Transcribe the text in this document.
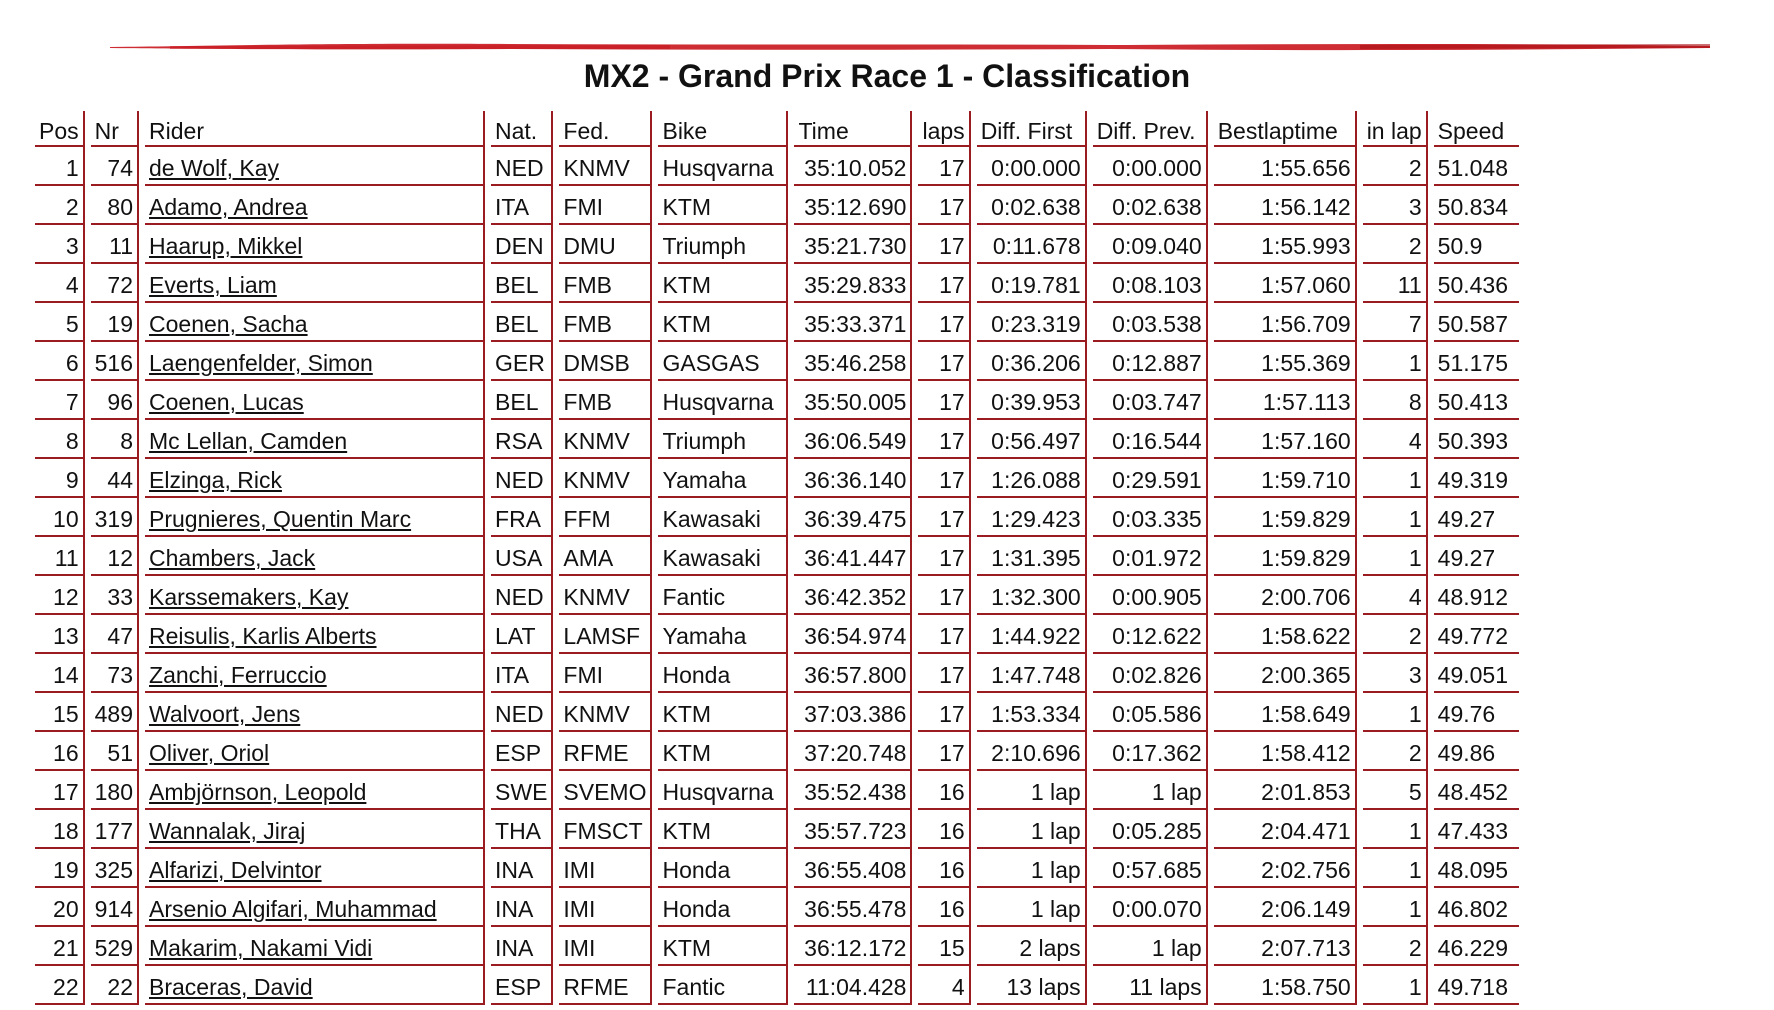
MX2 - Grand Prix Race 1 - Classification
Pos	Nr	Rider	Nat.	Fed.	Bike	Time	laps	Diff. First	Diff. Prev.	Bestlaptime	in lap	Speed
1	74	de Wolf, Kay	NED	KNMV	Husqvarna	35:10.052	17	0:00.000	0:00.000	1:55.656	2	51.048
2	80	Adamo, Andrea	ITA	FMI	KTM	35:12.690	17	0:02.638	0:02.638	1:56.142	3	50.834
3	11	Haarup, Mikkel	DEN	DMU	Triumph	35:21.730	17	0:11.678	0:09.040	1:55.993	2	50.9
4	72	Everts, Liam	BEL	FMB	KTM	35:29.833	17	0:19.781	0:08.103	1:57.060	11	50.436
5	19	Coenen, Sacha	BEL	FMB	KTM	35:33.371	17	0:23.319	0:03.538	1:56.709	7	50.587
6	516	Laengenfelder, Simon	GER	DMSB	GASGAS	35:46.258	17	0:36.206	0:12.887	1:55.369	1	51.175
7	96	Coenen, Lucas	BEL	FMB	Husqvarna	35:50.005	17	0:39.953	0:03.747	1:57.113	8	50.413
8	8	Mc Lellan, Camden	RSA	KNMV	Triumph	36:06.549	17	0:56.497	0:16.544	1:57.160	4	50.393
9	44	Elzinga, Rick	NED	KNMV	Yamaha	36:36.140	17	1:26.088	0:29.591	1:59.710	1	49.319
10	319	Prugnieres, Quentin Marc	FRA	FFM	Kawasaki	36:39.475	17	1:29.423	0:03.335	1:59.829	1	49.27
11	12	Chambers, Jack	USA	AMA	Kawasaki	36:41.447	17	1:31.395	0:01.972	1:59.829	1	49.27
12	33	Karssemakers, Kay	NED	KNMV	Fantic	36:42.352	17	1:32.300	0:00.905	2:00.706	4	48.912
13	47	Reisulis, Karlis Alberts	LAT	LAMSF	Yamaha	36:54.974	17	1:44.922	0:12.622	1:58.622	2	49.772
14	73	Zanchi, Ferruccio	ITA	FMI	Honda	36:57.800	17	1:47.748	0:02.826	2:00.365	3	49.051
15	489	Walvoort, Jens	NED	KNMV	KTM	37:03.386	17	1:53.334	0:05.586	1:58.649	1	49.76
16	51	Oliver, Oriol	ESP	RFME	KTM	37:20.748	17	2:10.696	0:17.362	1:58.412	2	49.86
17	180	Ambjörnson, Leopold	SWE	SVEMO	Husqvarna	35:52.438	16	1 lap	1 lap	2:01.853	5	48.452
18	177	Wannalak, Jiraj	THA	FMSCT	KTM	35:57.723	16	1 lap	0:05.285	2:04.471	1	47.433
19	325	Alfarizi, Delvintor	INA	IMI	Honda	36:55.408	16	1 lap	0:57.685	2:02.756	1	48.095
20	914	Arsenio Algifari, Muhammad	INA	IMI	Honda	36:55.478	16	1 lap	0:00.070	2:06.149	1	46.802
21	529	Makarim, Nakami Vidi	INA	IMI	KTM	36:12.172	15	2 laps	1 lap	2:07.713	2	46.229
22	22	Braceras, David	ESP	RFME	Fantic	11:04.428	4	13 laps	11 laps	1:58.750	1	49.718
